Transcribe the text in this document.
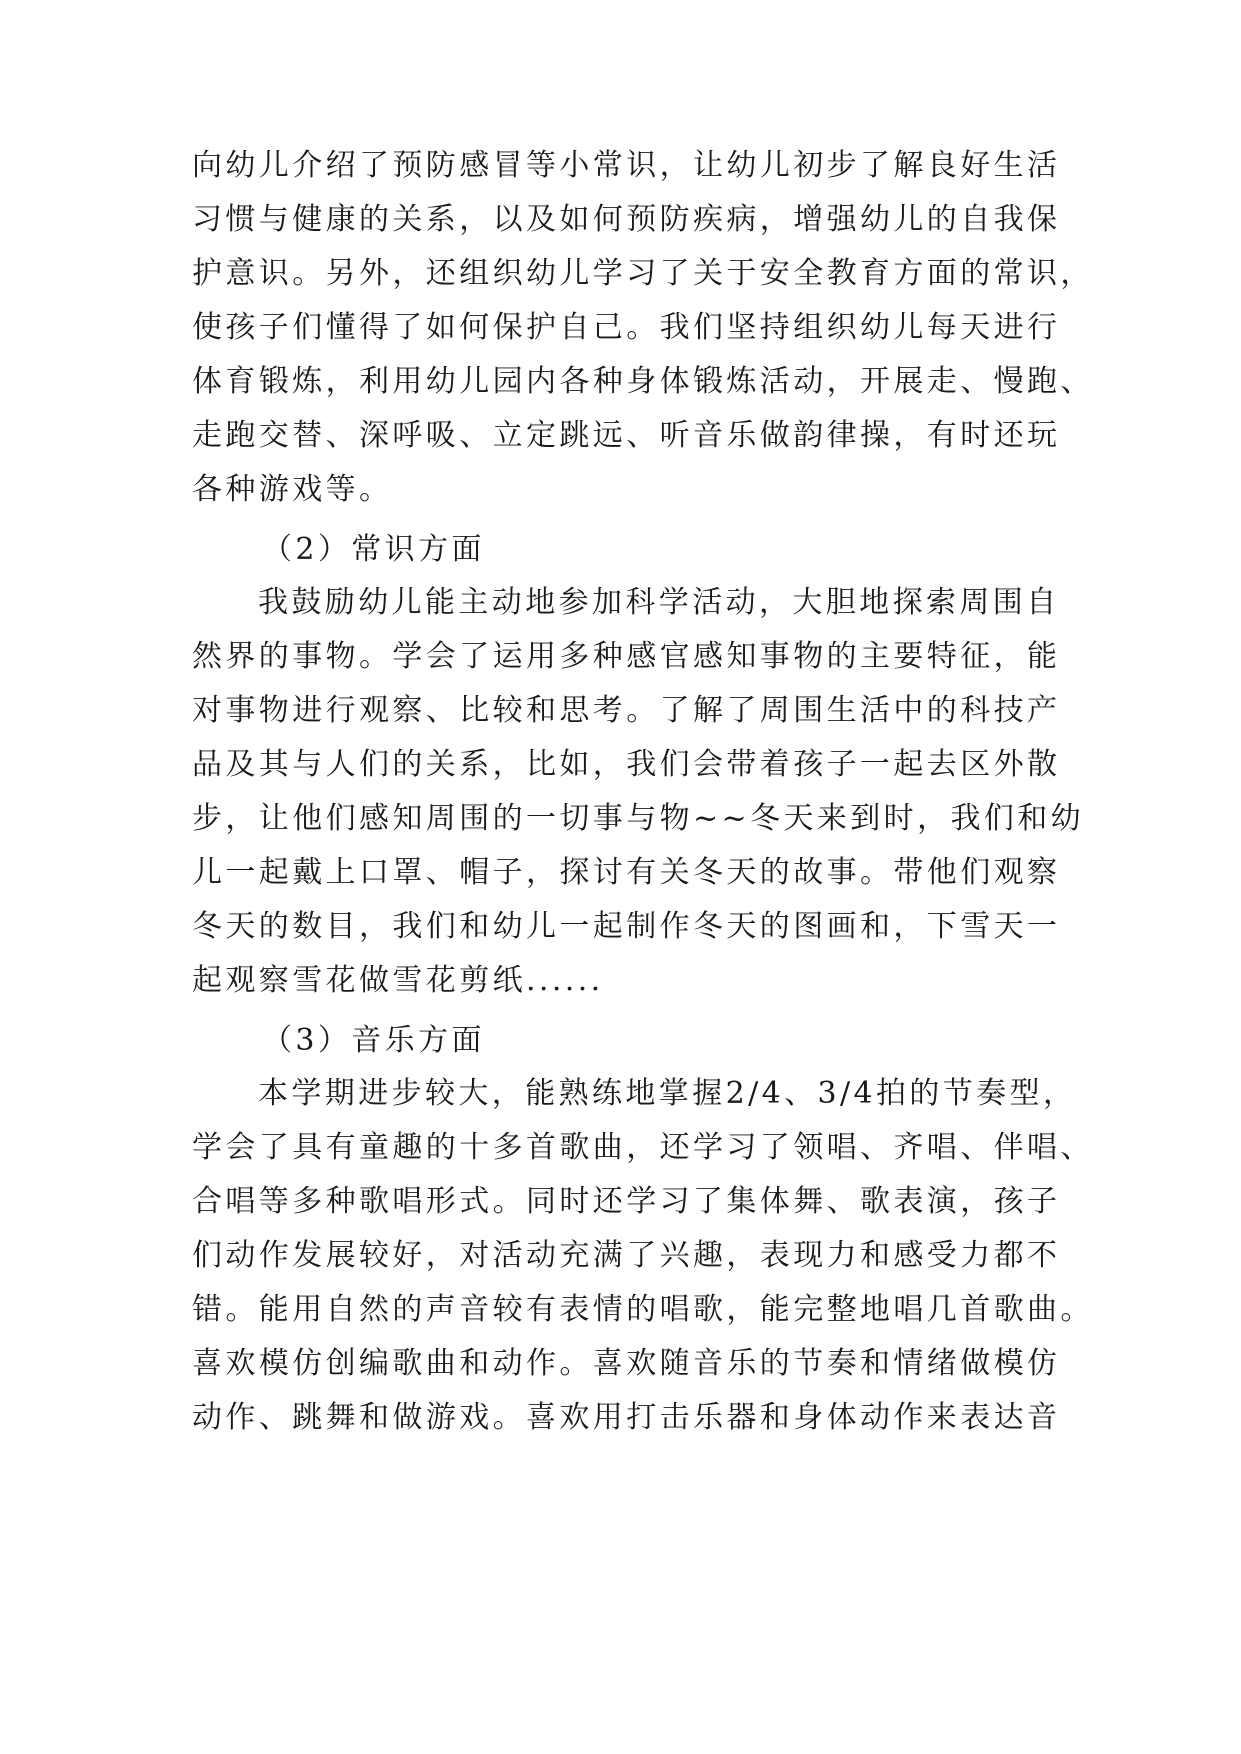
向幼儿介绍了预防感冒等小常识，让幼儿初步了解良好生活
习惯与健康的关系，以及如何预防疾病，增强幼儿的自我保
护意识。另外，还组织幼儿学习了关于安全教育方面的常识，
使孩子们懂得了如何保护自己。我们坚持组织幼儿每天进行
体育锻炼，利用幼儿园内各种身体锻炼活动，开展走、慢跑、
走跑交替、深呼吸、立定跳远、听音乐做韵律操，有时还玩
各种游戏等。
（2）常识方面
我鼓励幼儿能主动地参加科学活动，大胆地探索周围自
然界的事物。学会了运用多种感官感知事物的主要特征，能
对事物进行观察、比较和思考。了解了周围生活中的科技产
品及其与人们的关系，比如，我们会带着孩子一起去区外散
步，让他们感知周围的一切事与物~~冬天来到时，我们和幼
儿一起戴上口罩、帽子，探讨有关冬天的故事。带他们观察
冬天的数目，我们和幼儿一起制作冬天的图画和，下雪天一
起观察雪花做雪花剪纸......
（3）音乐方面
本学期进步较大，能熟练地掌握2/4、3/4拍的节奏型，
学会了具有童趣的十多首歌曲，还学习了领唱、齐唱、伴唱、
合唱等多种歌唱形式。同时还学习了集体舞、歌表演，孩子
们动作发展较好，对活动充满了兴趣，表现力和感受力都不
错。能用自然的声音较有表情的唱歌，能完整地唱几首歌曲。
喜欢模仿创编歌曲和动作。喜欢随音乐的节奏和情绪做模仿
动作、跳舞和做游戏。喜欢用打击乐器和身体动作来表达音
